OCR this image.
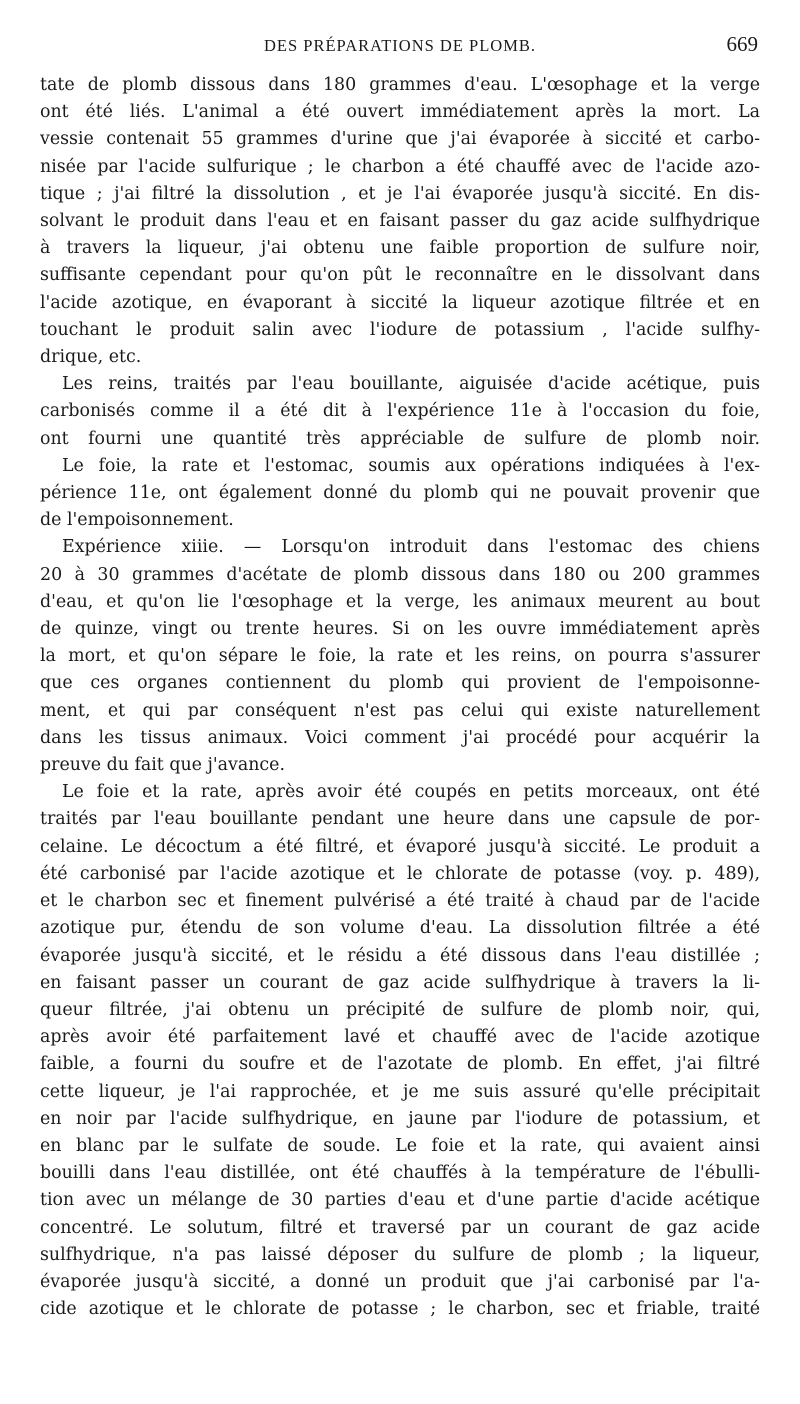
DES PRÉPARATIONS DE PLOMB.	669
tate de plomb dissous dans 180 grammes d'eau. L'œsophage et la verge
ont été liés. L'animal a été ouvert immédiatement après la mort. La
vessie contenait 55 grammes d'urine que j'ai évaporée à siccité et carbo-
nisée par l'acide sulfurique ; le charbon a été chauffé avec de l'acide azo-
tique ; j'ai filtré la dissolution , et je l'ai évaporée jusqu'à siccité. En dis-
solvant le produit dans l'eau et en faisant passer du gaz acide sulfhydrique
à travers la liqueur, j'ai obtenu une faible proportion de sulfure noir,
suffisante cependant pour qu'on pût le reconnaître en le dissolvant dans
l'acide azotique, en évaporant à siccité la liqueur azotique filtrée et en
touchant le produit salin avec l'iodure de potassium , l'acide sulfhy-
drique, etc.
Les reins, traités par l'eau bouillante, aiguisée d'acide acétique, puis
carbonisés comme il a été dit à l'expérience 11e à l'occasion du foie,
ont fourni une quantité très appréciable de sulfure de plomb noir.
Le foie, la rate et l'estomac, soumis aux opérations indiquées à l'ex-
périence 11e, ont également donné du plomb qui ne pouvait provenir que
de l'empoisonnement.
Expérience xiiie. — Lorsqu'on introduit dans l'estomac des chiens
20 à 30 grammes d'acétate de plomb dissous dans 180 ou 200 grammes
d'eau, et qu'on lie l'œsophage et la verge, les animaux meurent au bout
de quinze, vingt ou trente heures. Si on les ouvre immédiatement après
la mort, et qu'on sépare le foie, la rate et les reins, on pourra s'assurer
que ces organes contiennent du plomb qui provient de l'empoisonne-
ment, et qui par conséquent n'est pas celui qui existe naturellement
dans les tissus animaux. Voici comment j'ai procédé pour acquérir la
preuve du fait que j'avance.
Le foie et la rate, après avoir été coupés en petits morceaux, ont été
traités par l'eau bouillante pendant une heure dans une capsule de por-
celaine. Le décoctum a été filtré, et évaporé jusqu'à siccité. Le produit a
été carbonisé par l'acide azotique et le chlorate de potasse (voy. p. 489),
et le charbon sec et finement pulvérisé a été traité à chaud par de l'acide
azotique pur, étendu de son volume d'eau. La dissolution filtrée a été
évaporée jusqu'à siccité, et le résidu a été dissous dans l'eau distillée ;
en faisant passer un courant de gaz acide sulfhydrique à travers la li-
queur filtrée, j'ai obtenu un précipité de sulfure de plomb noir, qui,
après avoir été parfaitement lavé et chauffé avec de l'acide azotique
faible, a fourni du soufre et de l'azotate de plomb. En effet, j'ai filtré
cette liqueur, je l'ai rapprochée, et je me suis assuré qu'elle précipitait
en noir par l'acide sulfhydrique, en jaune par l'iodure de potassium, et
en blanc par le sulfate de soude. Le foie et la rate, qui avaient ainsi
bouilli dans l'eau distillée, ont été chauffés à la température de l'ébulli-
tion avec un mélange de 30 parties d'eau et d'une partie d'acide acétique
concentré. Le solutum, filtré et traversé par un courant de gaz acide
sulfhydrique, n'a pas laissé déposer du sulfure de plomb ; la liqueur,
évaporée jusqu'à siccité, a donné un produit que j'ai carbonisé par l'a-
cide azotique et le chlorate de potasse ; le charbon, sec et friable, traité
